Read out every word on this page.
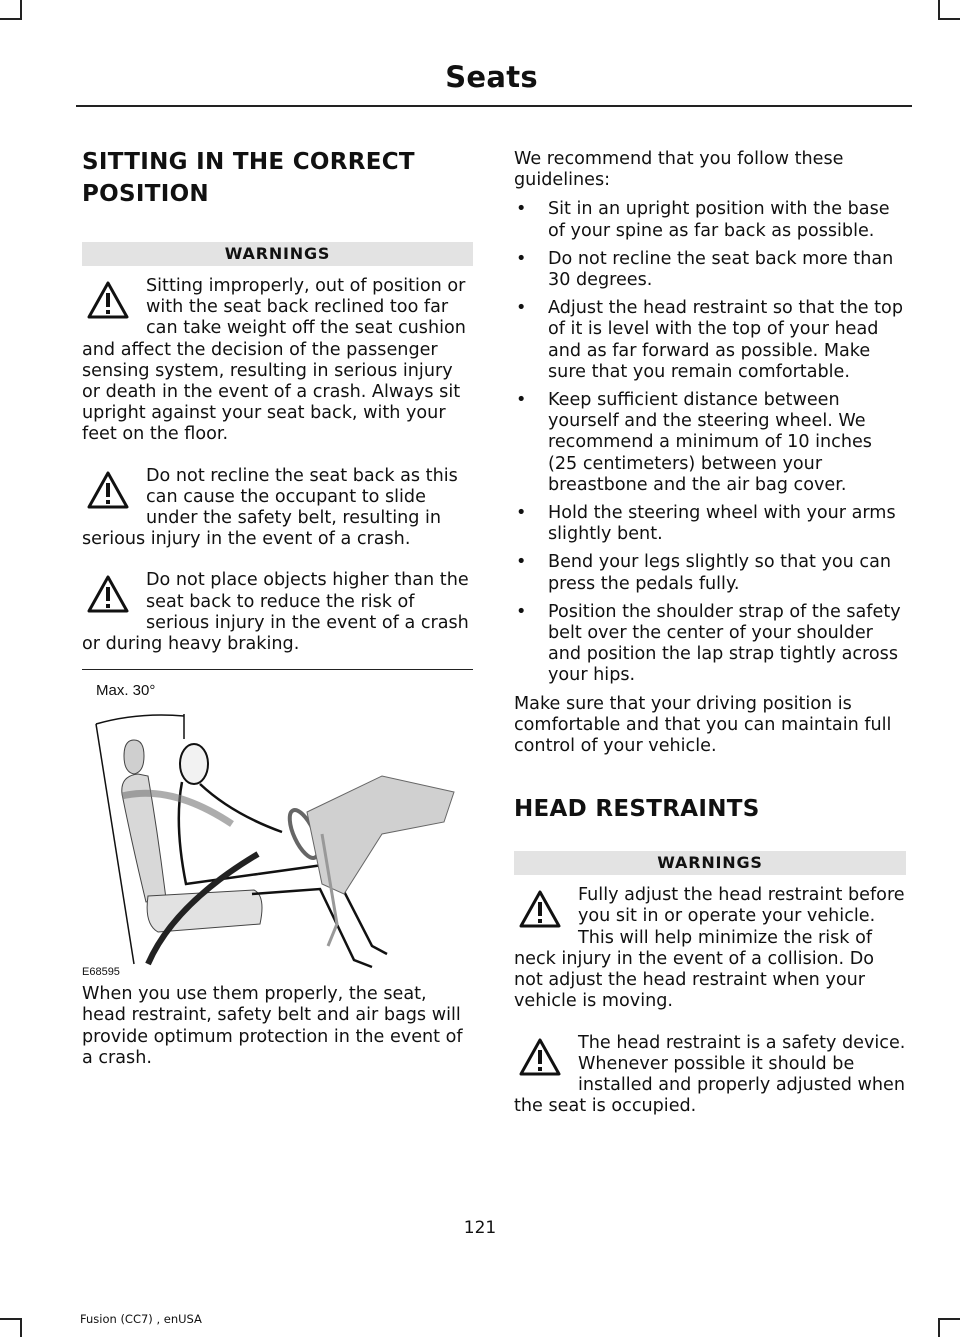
Seats
SITTING IN THE CORRECT
POSITION
WARNINGS
Sitting improperly, out of position or with the seat back reclined too far can take weight off the seat cushion and affect the decision of the passenger sensing system, resulting in serious injury or death in the event of a crash. Always sit upright against your seat back, with your feet on the floor.
Do not recline the seat back as this can cause the occupant to slide under the safety belt, resulting in serious injury in the event of a crash.
Do not place objects higher than the seat back to reduce the risk of serious injury in the event of a crash or during heavy braking.
Max. 30°
E68595

When you use them properly, the seat, head restraint, safety belt and air bags will provide optimum protection in the event of a crash.

We recommend that you follow these guidelines:

• Sit in an upright position with the base of your spine as far back as possible.
• Do not recline the seat back more than 30 degrees.
• Adjust the head restraint so that the top of it is level with the top of your head and as far forward as possible. Make sure that you remain comfortable.
• Keep sufficient distance between yourself and the steering wheel. We recommend a minimum of 10 inches (25 centimeters) between your breastbone and the air bag cover.
• Hold the steering wheel with your arms slightly bent.
• Bend your legs slightly so that you can press the pedals fully.
• Position the shoulder strap of the safety belt over the center of your shoulder and position the lap strap tightly across your hips.

Make sure that your driving position is comfortable and that you can maintain full control of your vehicle.

HEAD RESTRAINTS
WARNINGS
Fully adjust the head restraint before you sit in or operate your vehicle. This will help minimize the risk of neck injury in the event of a collision. Do not adjust the head restraint when your vehicle is moving.
The head restraint is a safety device. Whenever possible it should be installed and properly adjusted when the seat is occupied.
121
Fusion (CC7) , enUSA
